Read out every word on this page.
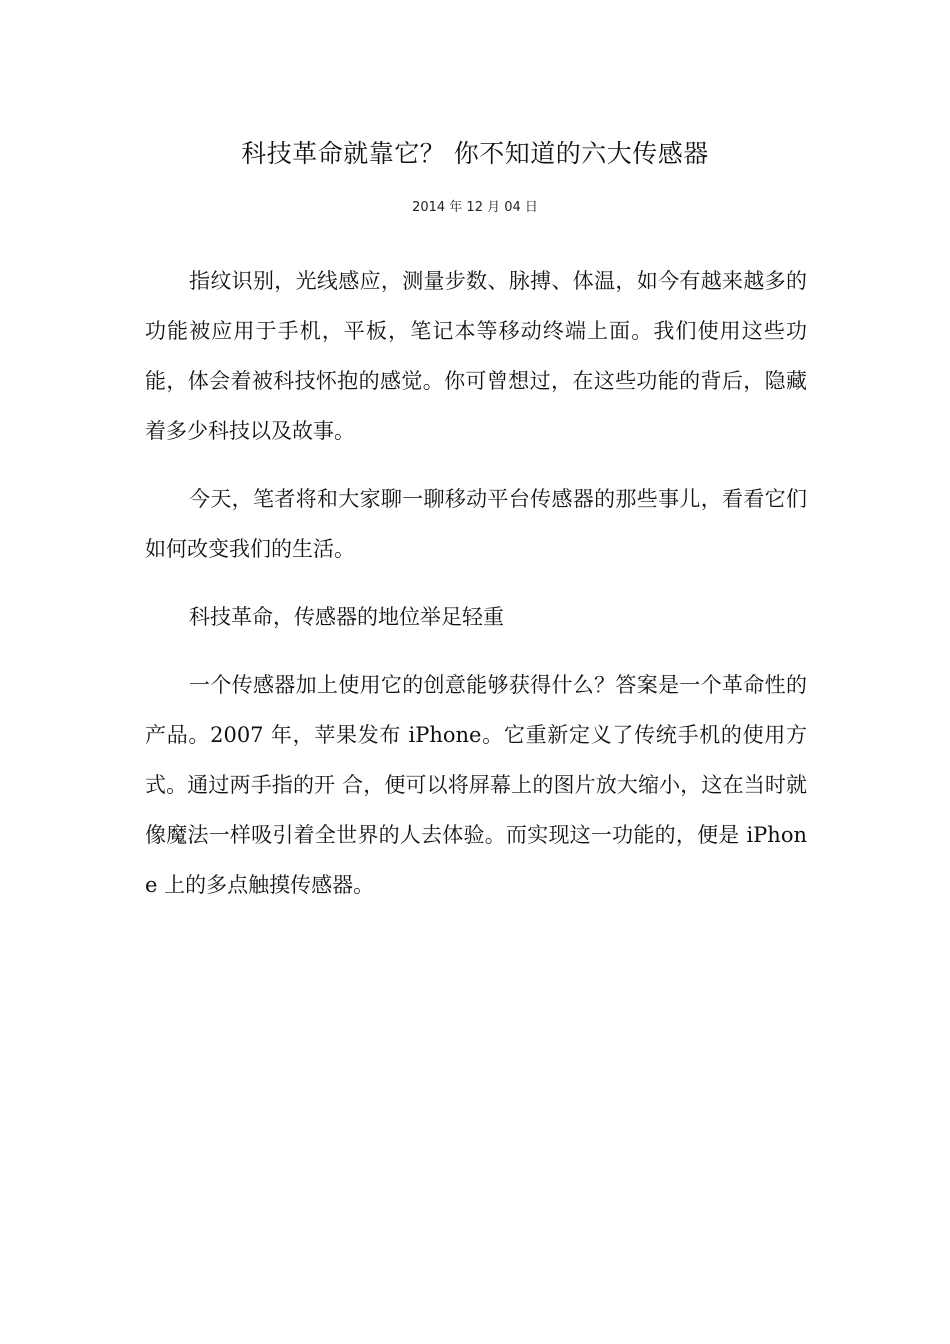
科技革命就靠它？ 你不知道的六大传感器
2014 年 12 月 04 日

指纹识别，光线感应，测量步数、脉搏、体温，如今有越来越多的功能被应用于手机，平板，笔记本等移动终端上面。我们使用这些功能，体会着被科技怀抱的感觉。你可曾想过，在这些功能的背后，隐藏着多少科技以及故事。

今天，笔者将和大家聊一聊移动平台传感器的那些事儿，看看它们如何改变我们的生活。

科技革命，传感器的地位举足轻重

一个传感器加上使用它的创意能够获得什么？答案是一个革命性的产品。2007 年，苹果发布 iPhone。它重新定义了传统手机的使用方式。通过两手指的开 合，便可以将屏幕上的图片放大缩小，这在当时就像魔法一样吸引着全世界的人去体验。而实现这一功能的，便是 iPhone 上的多点触摸传感器。
